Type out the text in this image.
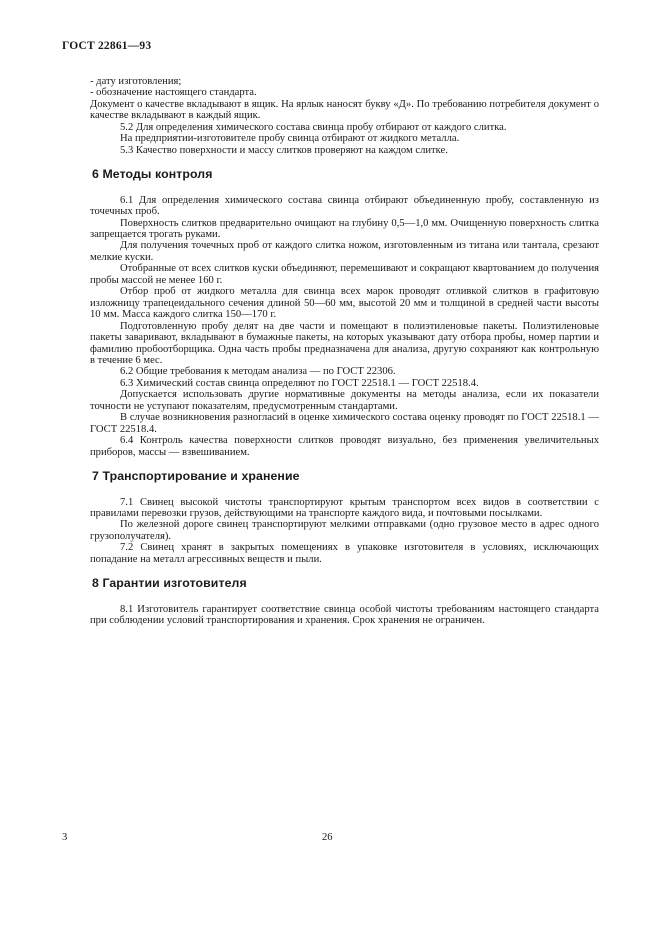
ГОСТ 22861—93

- дату изготовления;

- обозначение настоящего стандарта.

Документ о качестве вкладывают в ящик. На ярлык наносят букву «Д». По требованию потребителя документ о качестве вкладывают в каждый ящик.

5.2 Для определения химического состава свинца пробу отбирают от каждого слитка.

На предприятии-изготовителе пробу свинца отбирают от жидкого металла.

5.3 Качество поверхности и массу слитков проверяют на каждом слитке.

6 Методы контроля

6.1 Для определения химического состава свинца отбирают объединенную пробу, составленную из точечных проб.

Поверхность слитков предварительно очищают на глубину 0,5—1,0 мм. Очищенную поверхность слитка запрещается трогать руками.

Для получения точечных проб от каждого слитка ножом, изготовленным из титана или тантала, срезают мелкие куски.

Отобранные от всех слитков куски объединяют, перемешивают и сокращают квартованием до получения пробы массой не менее 160 г.

Отбор проб от жидкого металла для свинца всех марок проводят отливкой слитков в графитовую изложницу трапецеидального сечения длиной 50—60 мм, высотой 20 мм и толщиной в средней части высоты 10 мм. Масса каждого слитка 150—170 г.

Подготовленную пробу делят на две части и помещают в полиэтиленовые пакеты. Полиэтиленовые пакеты заваривают, вкладывают в бумажные пакеты, на которых указывают дату отбора пробы, номер партии и фамилию пробоотборщика. Одна часть пробы предназначена для анализа, другую сохраняют как контрольную в течение 6 мес.

6.2 Общие требования к методам анализа — по ГОСТ 22306.

6.3 Химический состав свинца определяют по ГОСТ 22518.1 — ГОСТ 22518.4.

Допускается использовать другие нормативные документы на методы анализа, если их показатели точности не уступают показателям, предусмотренным стандартами.

В случае возникновения разногласий в оценке химического состава оценку проводят по ГОСТ 22518.1 — ГОСТ 22518.4.

6.4 Контроль качества поверхности слитков проводят визуально, без применения увеличительных приборов, массы — взвешиванием.

7 Транспортирование и хранение

7.1 Свинец высокой чистоты транспортируют крытым транспортом всех видов в соответствии с правилами перевозки грузов, действующими на транспорте каждого вида, и почтовыми посылками.

По железной дороге свинец транспортируют мелкими отправками (одно грузовое место в адрес одного грузополучателя).

7.2 Свинец хранят в закрытых помещениях в упаковке изготовителя в условиях, исключающих попадание на металл агрессивных веществ и пыли.

8 Гарантии изготовителя

8.1 Изготовитель гарантирует соответствие свинца особой чистоты требованиям настоящего стандарта при соблюдении условий транспортирования и хранения. Срок хранения не ограничен.

3	26
